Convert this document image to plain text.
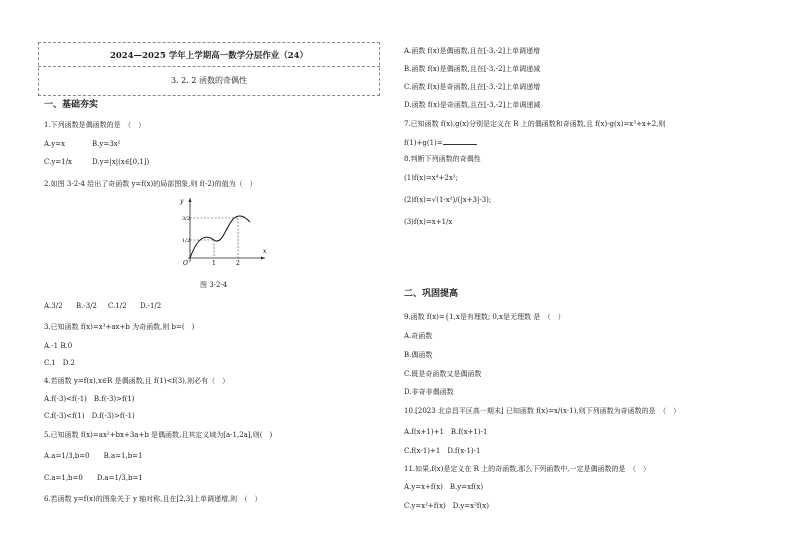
2024—2025 学年上学期高一数学分层作业（24）
3. 2. 2 函数的奇偶性
一、基础夯实
1.下列函数是偶函数的是　（　）
A.y=x	B.y=3x²
C.y=1/x	D.y=|x|(x∈[0,1])
2.如图 3-2-4 给出了奇函数 y=f(x)的局部图象,则 f(-2)的值为（　）
y
x
O	1	2
1/2
3/2
图 3-2-4
A.3/2 B.-3/2 C.1/2 D.-1/2
3.已知函数 f(x)=x³+ax+b 为奇函数,则 b=(　)
A.-1 B.0
C.1　D.2
4.若函数 y=f(x),x∈R 是偶函数,且 f(1)<f(3),则必有（　）
A.f(-3)<f(-1)　B.f(-3)>f(1)
C.f(-3)<f(1)　D.f(-3)>f(-1)
5.已知函数 f(x)=ax²+bx+3a+b 是偶函数,且其定义域为[a-1,2a],则(　)
A.a=1/3,b=0　　B.a=1,b=1
C.a=1,b=0　　D.a=1/3,b=1
6.若函数 y=f(x)的图象关于 y 轴对称,且在[2,3]上单调递增,则　（　）
A.函数 f(x)是偶函数,且在[-3,-2]上单调递增
B.函数 f(x)是偶函数,且在[-3,-2]上单调递减
C.函数 f(x)是奇函数,且在[-3,-2]上单调递增
D.函数 f(x)是奇函数,且在[-3,-2]上单调递减
7.已知函数 f(x),g(x)分别是定义在 R 上的偶函数和奇函数,且 f(x)-g(x)=x³+x+2,则
f(1)+g(1)=
8.判断下列函数的奇偶性
(1)f(x)=x⁴+2x²;
(2)f(x)=√(1-x²)/(|x+3|-3);
(3)f(x)=x+1/x
二、巩固提高
9.函数 f(x)={1,x是有理数; 0,x是无理数 是　（　）
A.奇函数
B.偶函数
C.既是奇函数又是偶函数
D.非奇非偶函数
10.[2023 北京昌平区高一期末] 已知函数 f(x)=x/(x-1),则下列函数为奇函数的是　（　）
A.f(x+1)+1　B.f(x+1)-1
C.f(x-1)+1　D.f(x-1)-1
11.如果,f(x)是定义在 R 上的奇函数,那么下列函数中,一定是偶函数的是　（　）
A.y=x+f(x)　B.y=xf(x)
C.y=x²+f(x)　D.y=x²f(x)
